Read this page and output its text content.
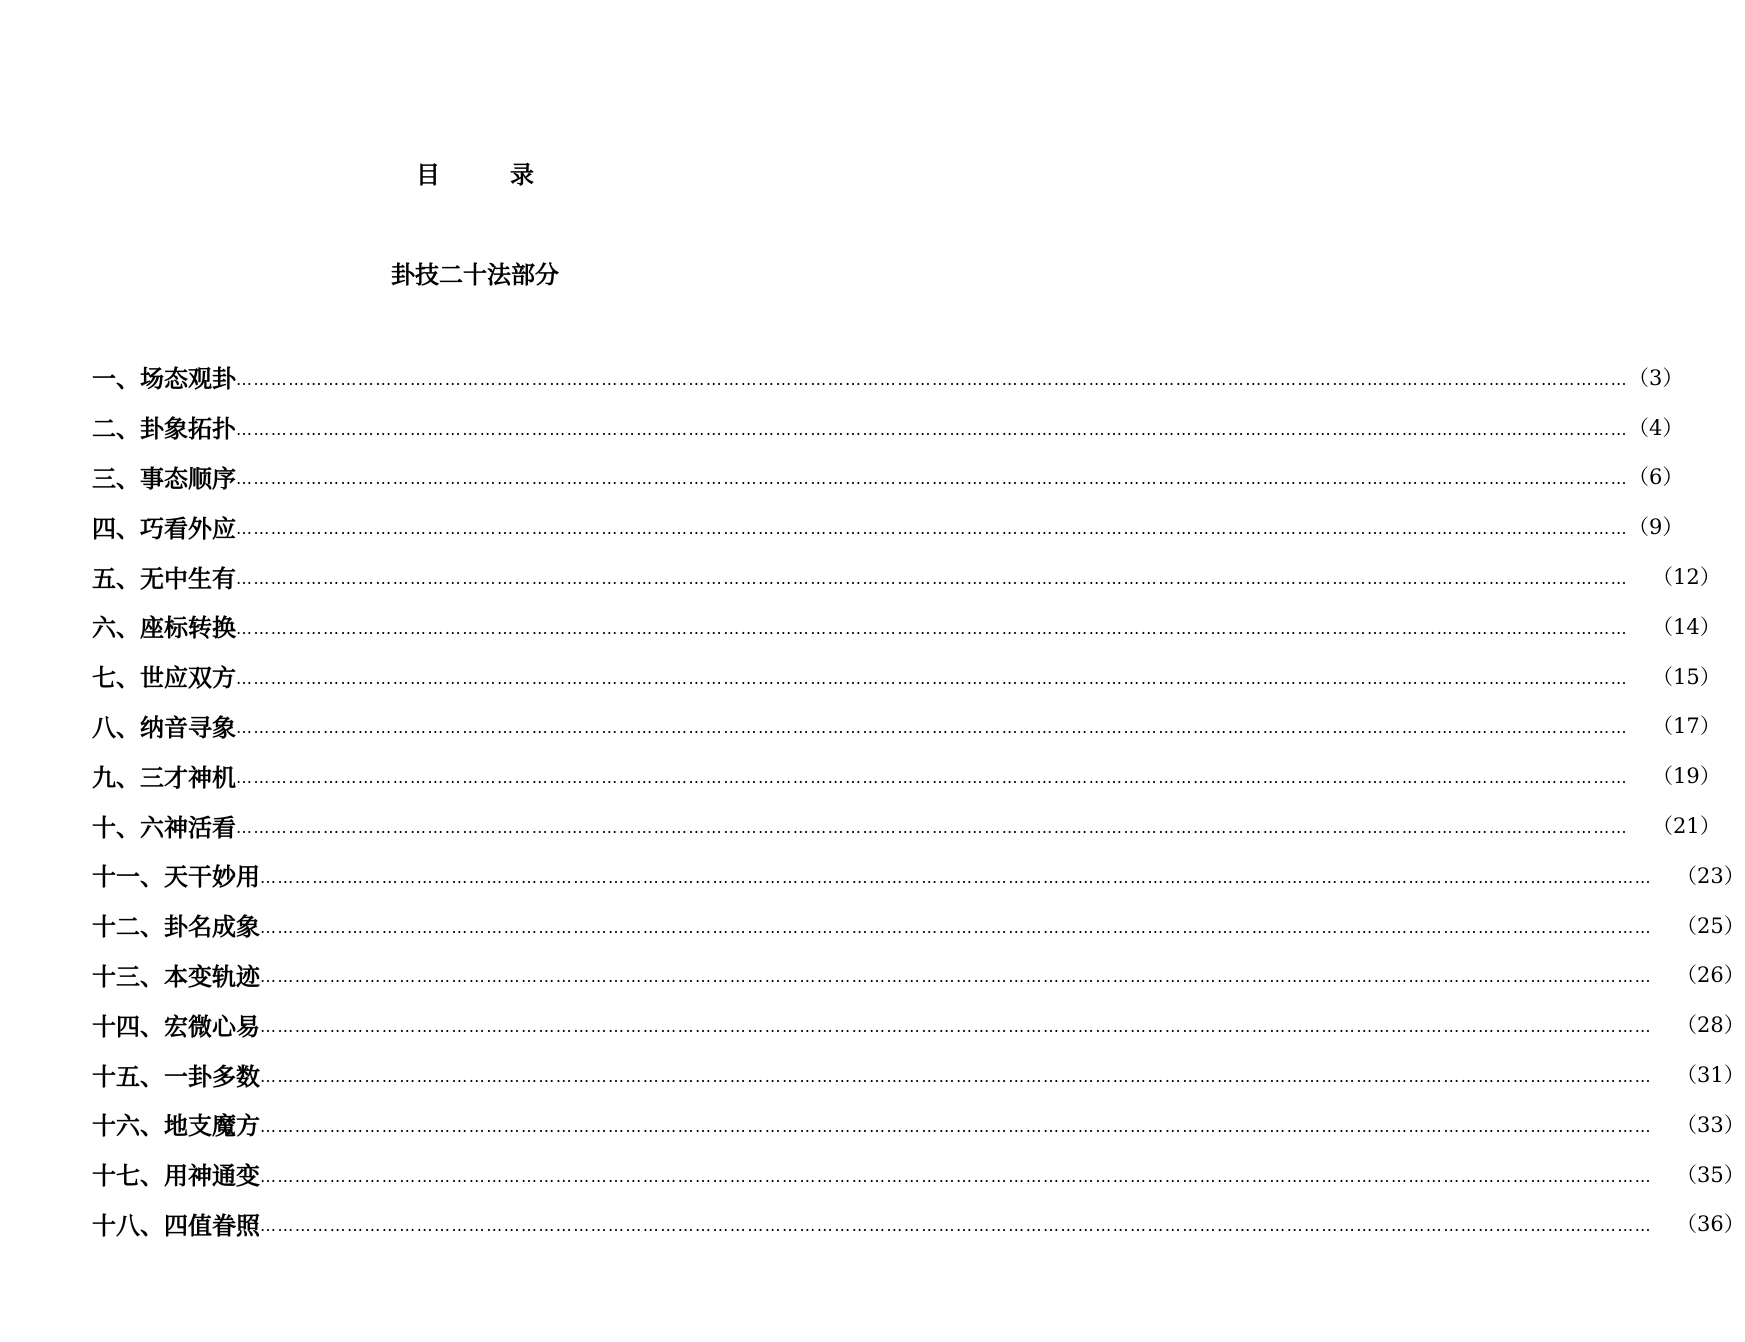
目	录
卦技二十法部分
一、场态观卦 …………………………………………………………………………………………………………………………………………………………………………………………………………………… （3）
二、卦象拓扑 …………………………………………………………………………………………………………………………………………………………………………………………………………………… （4）
三、事态顺序 …………………………………………………………………………………………………………………………………………………………………………………………………………………… （6）
四、巧看外应 …………………………………………………………………………………………………………………………………………………………………………………………………………………… （9）
五、无中生有 …………………………………………………………………………………………………………………………………………………………………………………………………………………… （12）
六、座标转换 …………………………………………………………………………………………………………………………………………………………………………………………………………………… （14）
七、世应双方 …………………………………………………………………………………………………………………………………………………………………………………………………………………… （15）
八、纳音寻象 …………………………………………………………………………………………………………………………………………………………………………………………………………………… （17）
九、三才神机 …………………………………………………………………………………………………………………………………………………………………………………………………………………… （19）
十、六神活看 …………………………………………………………………………………………………………………………………………………………………………………………………………………… （21）
十一、天干妙用 …………………………………………………………………………………………………………………………………………………………………………………………………………………… （23）
十二、卦名成象 …………………………………………………………………………………………………………………………………………………………………………………………………………………… （25）
十三、本变轨迹 …………………………………………………………………………………………………………………………………………………………………………………………………………………… （26）
十四、宏微心易 …………………………………………………………………………………………………………………………………………………………………………………………………………………… （28）
十五、一卦多数 …………………………………………………………………………………………………………………………………………………………………………………………………………………… （31）
十六、地支魔方 …………………………………………………………………………………………………………………………………………………………………………………………………………………… （33）
十七、用神通变 …………………………………………………………………………………………………………………………………………………………………………………………………………………… （35）
十八、四值眷照 …………………………………………………………………………………………………………………………………………………………………………………………………………………… （36）
